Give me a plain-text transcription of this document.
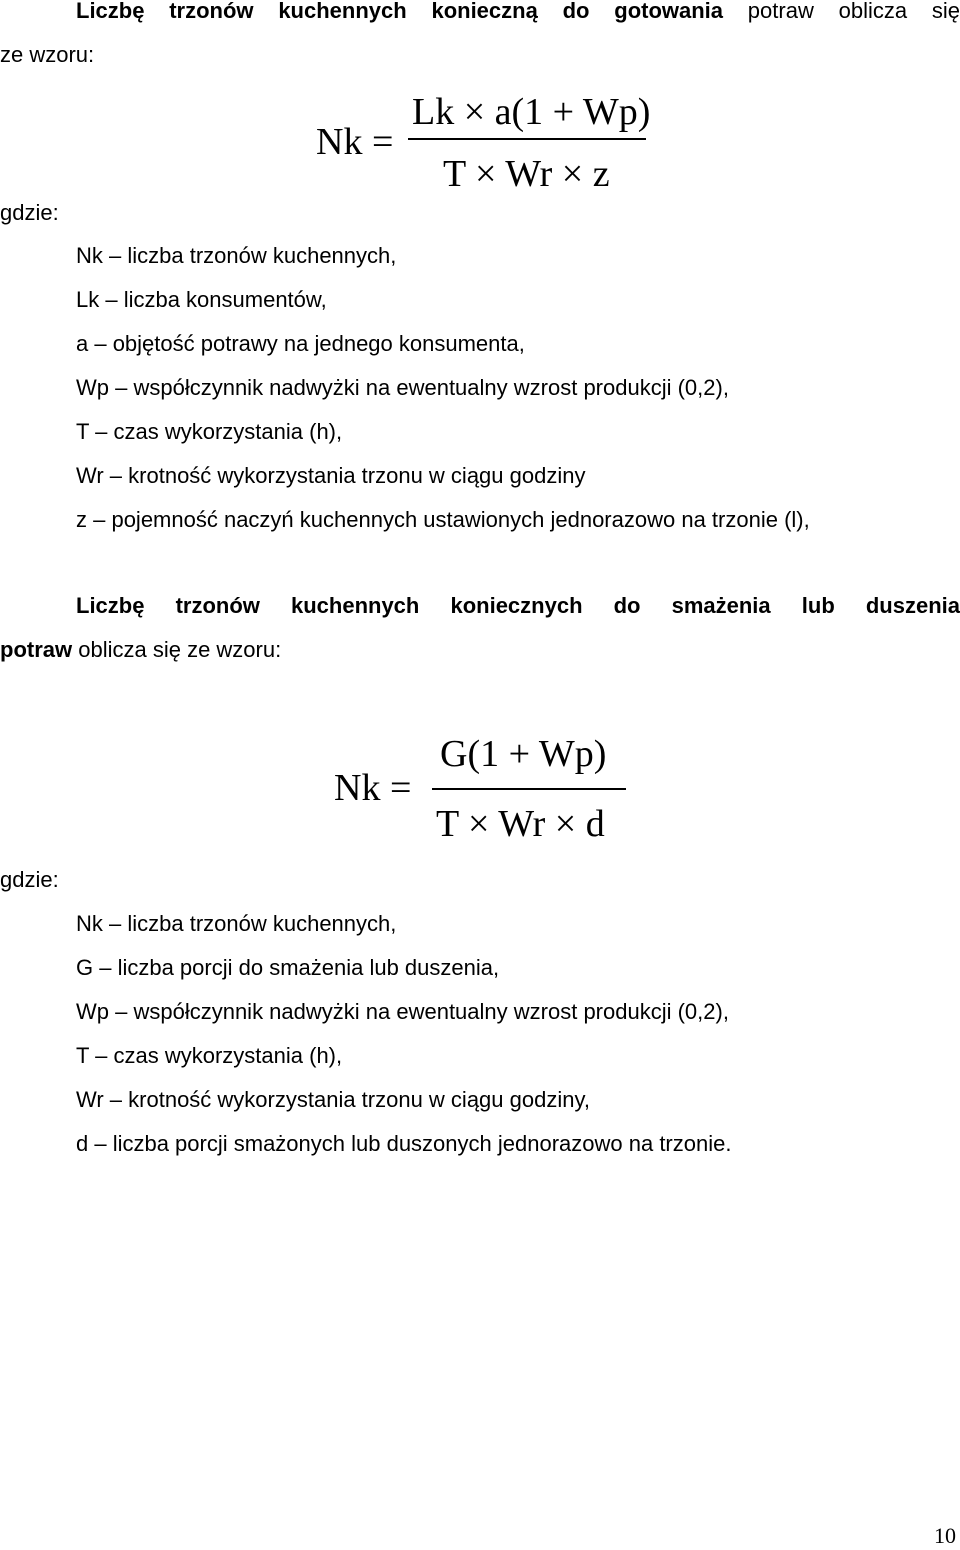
Liczbę trzonów kuchennych konieczną do gotowania potraw oblicza się
ze wzoru:
Nk =
Lk × a(1 + Wp)
T × Wr × z
gdzie:
Nk – liczba trzonów kuchennych,
Lk – liczba konsumentów,
a – objętość potrawy na jednego konsumenta,
Wp – współczynnik nadwyżki na ewentualny wzrost produkcji (0,2),
T – czas wykorzystania (h),
Wr – krotność wykorzystania trzonu w ciągu godziny
z – pojemność naczyń kuchennych ustawionych jednorazowo na trzonie (l),
Liczbę trzonów kuchennych koniecznych do smażenia lub duszenia
potraw oblicza się ze wzoru:
Nk =
G(1 + Wp)
T × Wr × d
gdzie:
Nk – liczba trzonów kuchennych,
G – liczba porcji do smażenia lub duszenia,
Wp – współczynnik nadwyżki na ewentualny wzrost produkcji (0,2),
T – czas wykorzystania (h),
Wr – krotność wykorzystania trzonu w ciągu godziny,
d – liczba porcji smażonych lub duszonych jednorazowo na trzonie.
10
